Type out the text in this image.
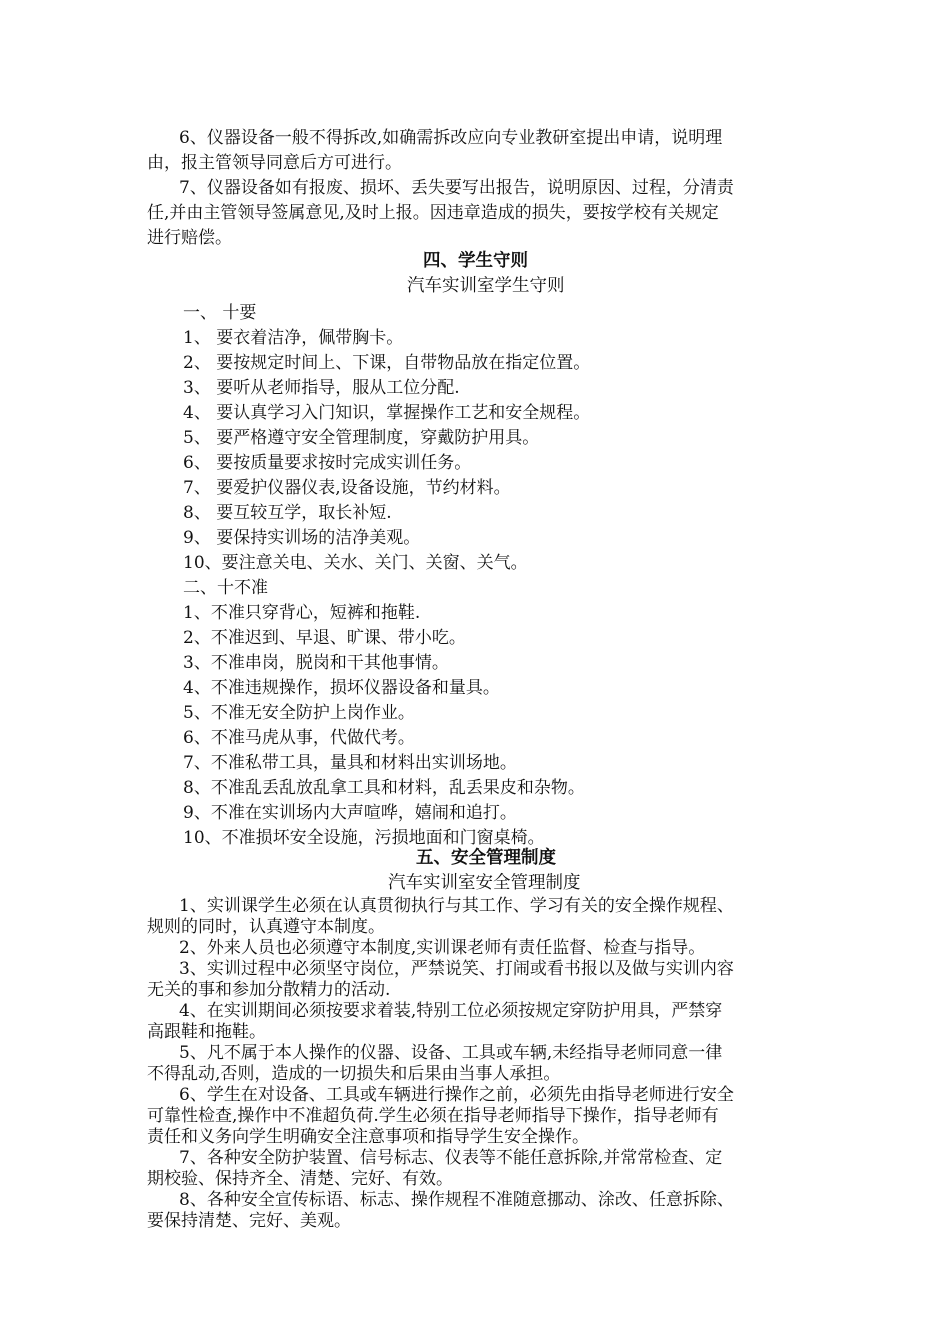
6、仪器设备一般不得拆改,如确需拆改应向专业教研室提出申请，说明理
由，报主管领导同意后方可进行。
7、仪器设备如有报废、损坏、丢失要写出报告，说明原因、过程，分清责
任,并由主管领导签属意见,及时上报。因违章造成的损失，要按学校有关规定
进行赔偿。
四、学生守则
汽车实训室学生守则
一、 十要
1、 要衣着洁净，佩带胸卡。
2、 要按规定时间上、下课，自带物品放在指定位置。
3、 要听从老师指导，服从工位分配.
4、 要认真学习入门知识，掌握操作工艺和安全规程。
5、 要严格遵守安全管理制度，穿戴防护用具。
6、 要按质量要求按时完成实训任务。
7、 要爱护仪器仪表,设备设施，节约材料。
8、 要互较互学，取长补短.
9、 要保持实训场的洁净美观。
10、要注意关电、关水、关门、关窗、关气。
二、十不准
1、不准只穿背心，短裤和拖鞋.
2、不准迟到、早退、旷课、带小吃。
3、不准串岗，脱岗和干其他事情。
4、不准违规操作，损坏仪器设备和量具。
5、不准无安全防护上岗作业。
6、不准马虎从事，代做代考。
7、不准私带工具，量具和材料出实训场地。
8、不准乱丢乱放乱拿工具和材料，乱丢果皮和杂物。
9、不准在实训场内大声喧哗，嬉闹和追打。
10、不准损坏安全设施，污损地面和门窗桌椅。
五、安全管理制度
汽车实训室安全管理制度
1、实训课学生必须在认真贯彻执行与其工作、学习有关的安全操作规程、
规则的同时，认真遵守本制度。
2、外来人员也必须遵守本制度,实训课老师有责任监督、检查与指导。
3、实训过程中必须坚守岗位，严禁说笑、打闹或看书报以及做与实训内容
无关的事和参加分散精力的活动.
4、在实训期间必须按要求着装,特别工位必须按规定穿防护用具，严禁穿
高跟鞋和拖鞋。
5、凡不属于本人操作的仪器、设备、工具或车辆,未经指导老师同意一律
不得乱动,否则，造成的一切损失和后果由当事人承担。
6、学生在对设备、工具或车辆进行操作之前，必须先由指导老师进行安全
可靠性检查,操作中不准超负荷.学生必须在指导老师指导下操作，指导老师有
责任和义务向学生明确安全注意事项和指导学生安全操作。
7、各种安全防护装置、信号标志、仪表等不能任意拆除,并常常检查、定
期校验、保持齐全、清楚、完好、有效。
8、各种安全宣传标语、标志、操作规程不准随意挪动、涂改、任意拆除、
要保持清楚、完好、美观。
